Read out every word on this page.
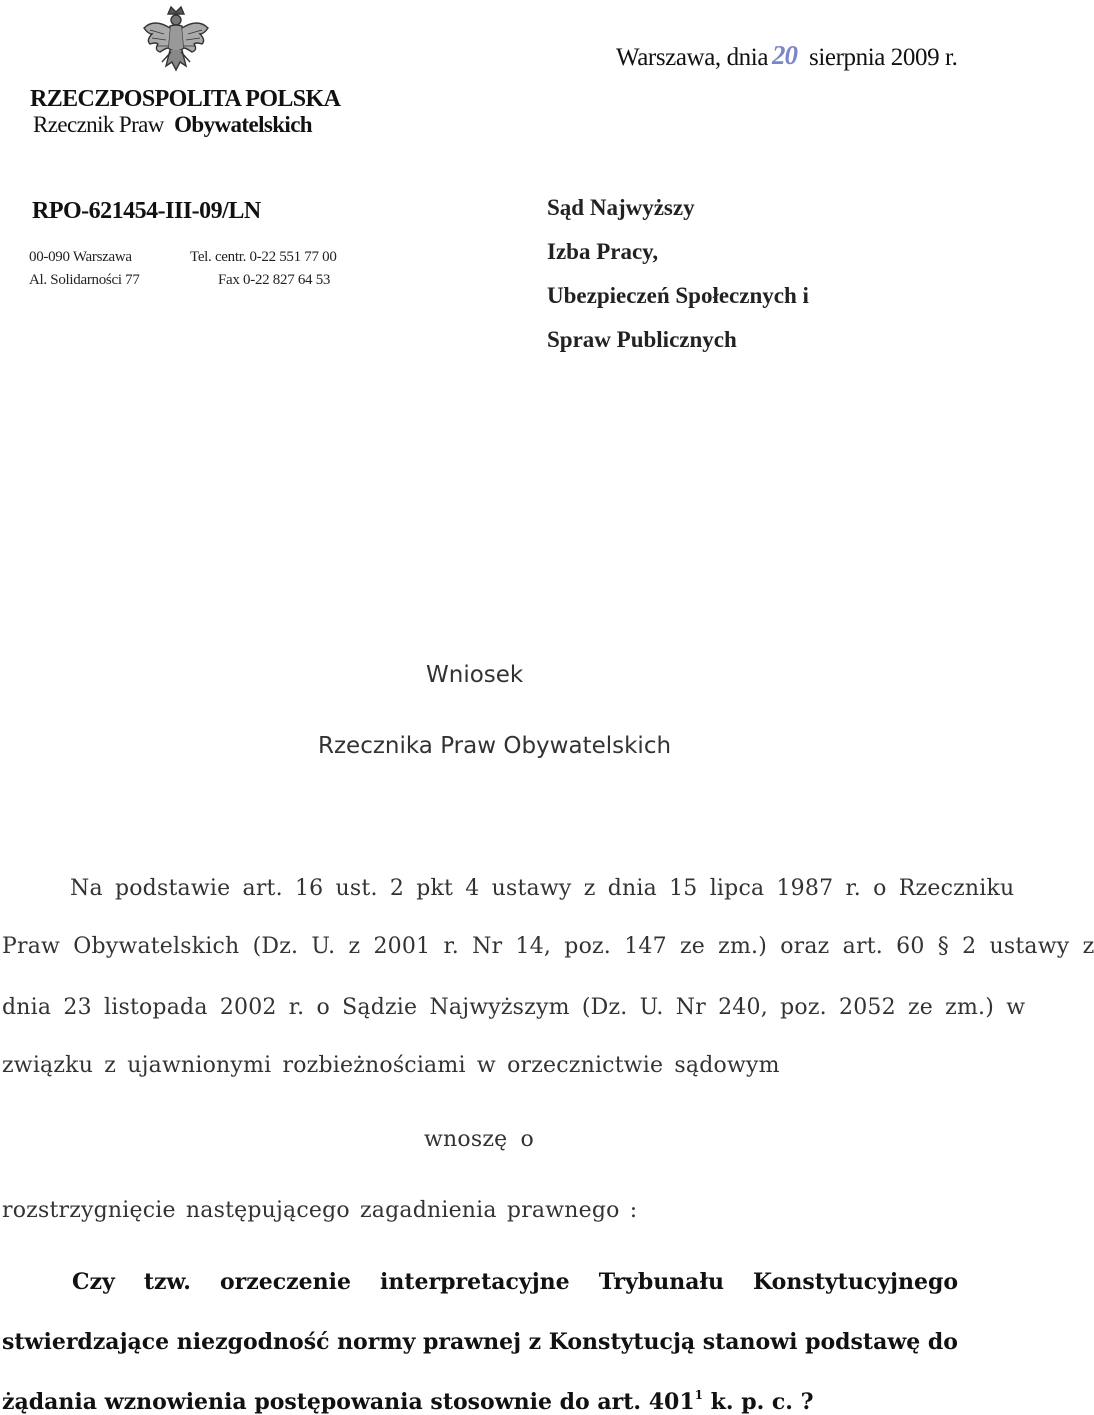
RZECZPOSPOLITA POLSKA
Rzecznik Praw Obywatelskich
RPO-621454-III-09/LN
00-090 Warszawa	Tel. centr. 0-22 551 77 00
Al. Solidarności 77	Fax 0-22 827 64 53
Warszawa, dnia 20 sierpnia 2009 r.
Sąd Najwyższy
Izba Pracy,
Ubezpieczeń Społecznych i
Spraw Publicznych
Wniosek
Rzecznika Praw Obywatelskich
Na podstawie art. 16 ust. 2 pkt 4 ustawy z dnia 15 lipca 1987 r. o Rzeczniku
Praw Obywatelskich (Dz. U. z 2001 r. Nr 14, poz. 147 ze zm.) oraz art. 60 § 2 ustawy z
dnia 23 listopada 2002 r. o Sądzie Najwyższym (Dz. U. Nr 240, poz. 2052 ze zm.) w
związku z ujawnionymi rozbieżnościami w orzecznictwie sądowym
wnoszę o
rozstrzygnięcie następującego zagadnienia prawnego :
Czy tzw. orzeczenie interpretacyjne Trybunału Konstytucyjnego
stwierdzające niezgodność normy prawnej z Konstytucją stanowi podstawę do
żądania wznowienia postępowania stosownie do art. 401$^1$ k. p. c. ?
